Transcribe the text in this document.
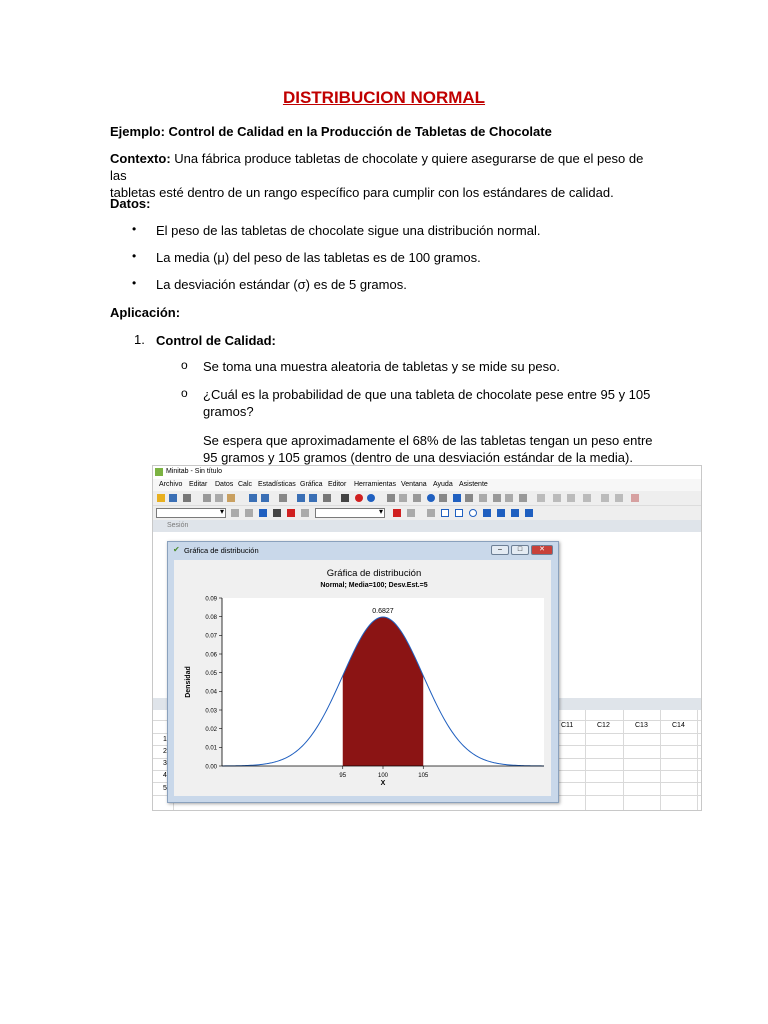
DISTRIBUCION NORMAL
Ejemplo: Control de Calidad en la Producción de Tabletas de Chocolate
Contexto: Una fábrica produce tabletas de chocolate y quiere asegurarse de que el peso de las
tabletas esté dentro de un rango específico para cumplir con los estándares de calidad.
Datos:
• El peso de las tabletas de chocolate sigue una distribución normal.
• La media (μ) del peso de las tabletas es de 100 gramos.
• La desviación estándar (σ) es de 5 gramos.
Aplicación:
1. Control de Calidad:
o Se toma una muestra aleatoria de tabletas y se mide su peso.
o ¿Cuál es la probabilidad de que una tableta de chocolate pese entre 95 y 105
gramos?
Se espera que aproximadamente el 68% de las tabletas tengan un peso entre
95 gramos y 105 gramos (dentro de una desviación estándar de la media).
Minitab - Sin título
Archivo Editar Datos Calc Estadísticas Gráfica Editor Herramientas Ventana Ayuda Asistente
▾
▾
Sesión
C11	C12	C13	C14
1
2
3
4
5
✔ Gráfica de distribución	–	□	✕
Gráfica de distribución
Normal; Media=100; Desv.Est.=5
0.00
0.01
0.02
0.03
0.04
0.05
0.06
0.07
0.08
0.09
95	100	105
Densidad
X
0.6827
